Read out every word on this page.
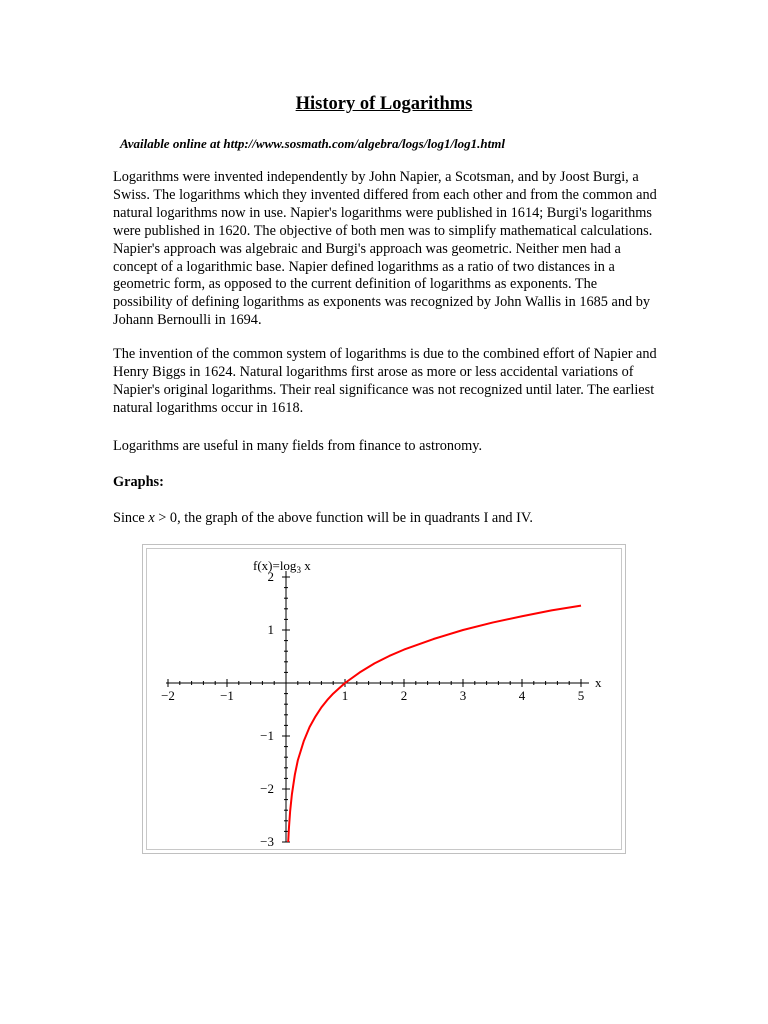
History of Logarithms
Available online at http://www.sosmath.com/algebra/logs/log1/log1.html

Logarithms were invented independently by John Napier, a Scotsman, and by Joost Burgi, a Swiss. The logarithms which they invented differed from each other and from the common and natural logarithms now in use. Napier's logarithms were published in 1614; Burgi's logarithms were published in 1620. The objective of both men was to simplify mathematical calculations. Napier's approach was algebraic and Burgi's approach was geometric. Neither men had a concept of a logarithmic base. Napier defined logarithms as a ratio of two distances in a geometric form, as opposed to the current definition of logarithms as exponents. The possibility of defining logarithms as exponents was recognized by John Wallis in 1685 and by Johann Bernoulli in 1694.

The invention of the common system of logarithms is due to the combined effort of Napier and Henry Biggs in 1624. Natural logarithms first arose as more or less accidental variations of Napier's original logarithms. Their real significance was not recognized until later. The earliest natural logarithms occur in 1618.

Logarithms are useful in many fields from finance to astronomy.

Graphs:
Since x > 0, the graph of the above function will be in quadrants I and IV.
−2	−1	1	2	3	4	5
2
1
−1
−2
−3
x
$f(x)=\log_3$ x
